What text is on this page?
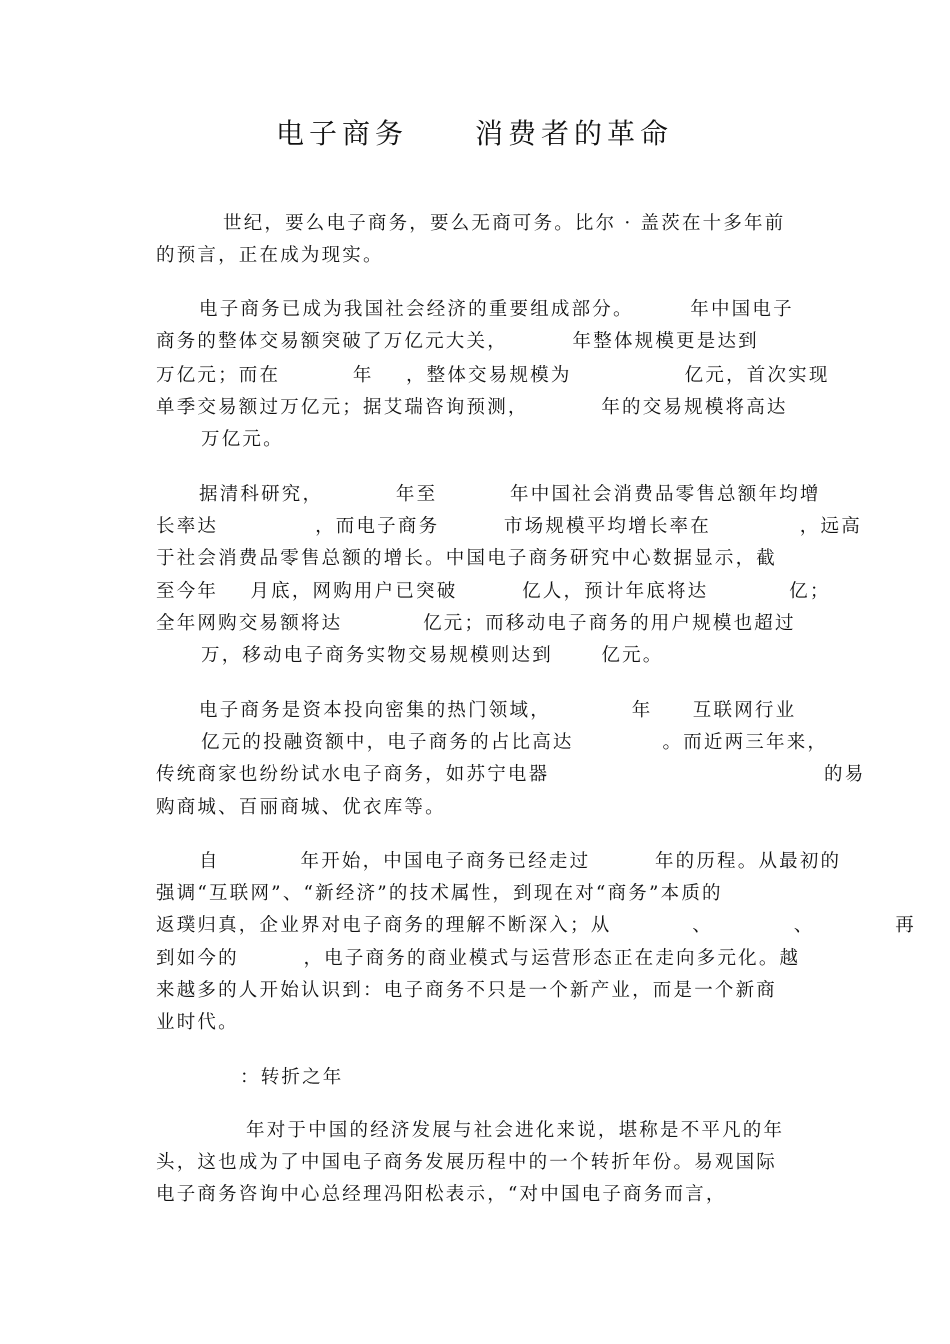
电子商务 消费者的革命
世纪，要么电子商务，要么无商可务。比尔 · 盖茨在十多年前
的预言，正在成为现实。
电子商务已成为我国社会经济的重要组成部分。       年中国电子
商务的整体交易额突破了万亿元大关，        年整体规模更是达到
万亿元；而在         年    ，整体交易规模为              亿元，首次实现
单季交易额过万亿元；据艾瑞咨询预测，         年的交易规模将高达
万亿元。
据清科研究，         年至         年中国社会消费品零售总额年均增
长率达            ，而电子商务        市场规模平均增长率在           ，远高
于社会消费品零售总额的增长。中国电子商务研究中心数据显示，截
至今年    月底，网购用户已突破        亿人，预计年底将达          亿；
全年网购交易额将达          亿元；而移动电子商务的用户规模也超过
万，移动电子商务实物交易规模则达到      亿元。
电子商务是资本投向密集的热门领域，          年     互联网行业
亿元的投融资额中，电子商务的占比高达           。而近两三年来，
传统商家也纷纷试水电子商务，如苏宁电器                                  的易
购商城、百丽商城、优衣库等。
自          年开始，中国电子商务已经走过        年的历程。从最初的
强调“互联网”、“新经济”的技术属性，到现在对“商务”本质的
返璞归真，企业界对电子商务的理解不断深入；从          、          、          再
到如今的        ，电子商务的商业模式与运营形态正在走向多元化。越
来越多的人开始认识到：电子商务不只是一个新产业，而是一个新商
业时代。
年对于中国的经济发展与社会进化来说，堪称是不平凡的年
头，这也成为了中国电子商务发展历程中的一个转折年份。易观国际
电子商务咨询中心总经理冯阳松表示，“对中国电子商务而言，
：转折之年
